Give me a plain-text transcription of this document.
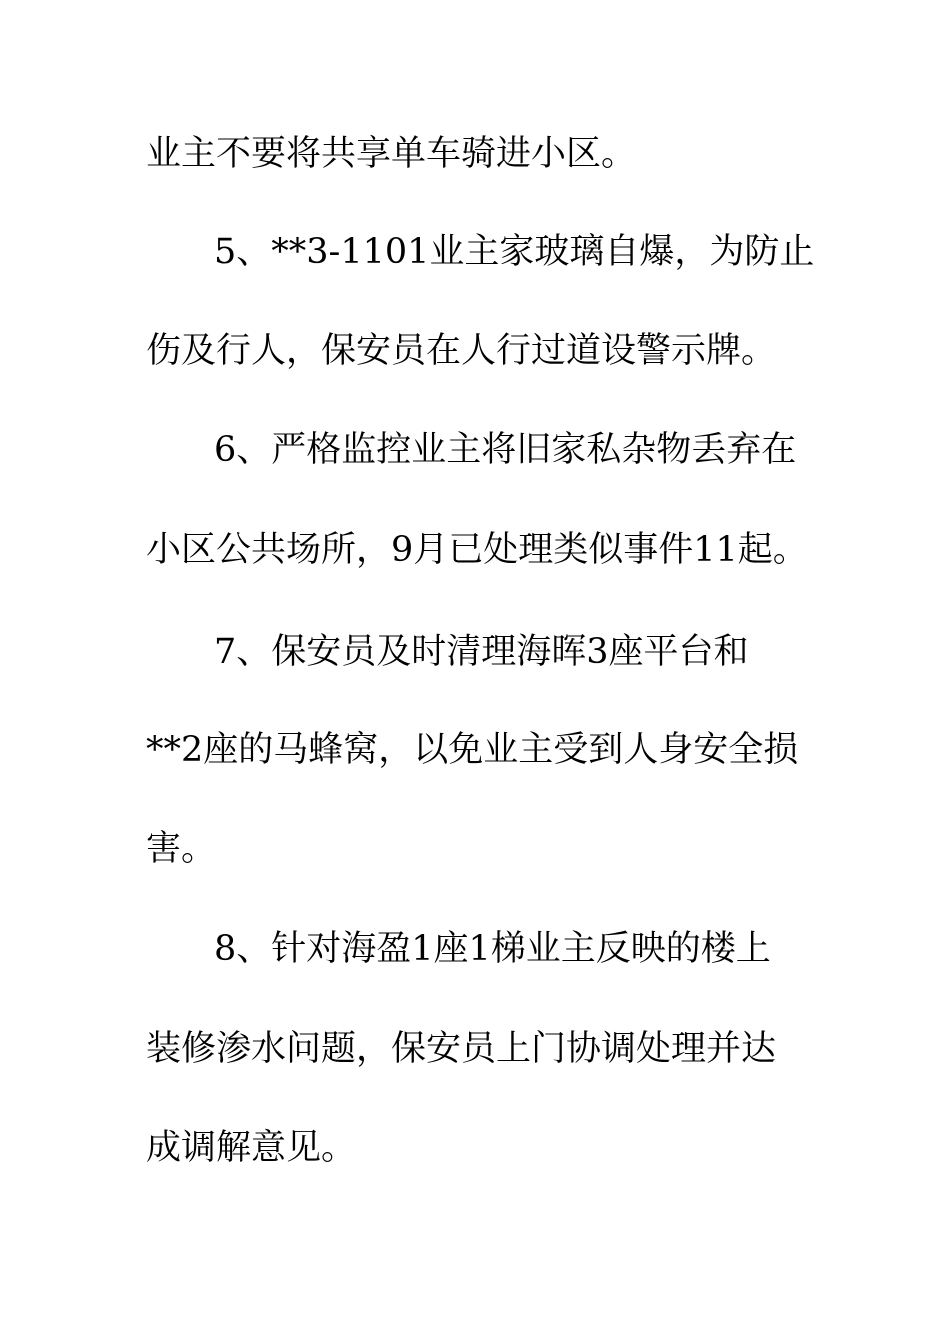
业主不要将共享单车骑进小区。
5、**3-1101业主家玻璃自爆，为防止
伤及行人，保安员在人行过道设警示牌。
6、严格监控业主将旧家私杂物丢弃在
小区公共场所，9月已处理类似事件11起。
7、保安员及时清理海晖3座平台和
**2座的马蜂窝，以免业主受到人身安全损
害。
8、针对海盈1座1梯业主反映的楼上
装修渗水问题，保安员上门协调处理并达
成调解意见。
